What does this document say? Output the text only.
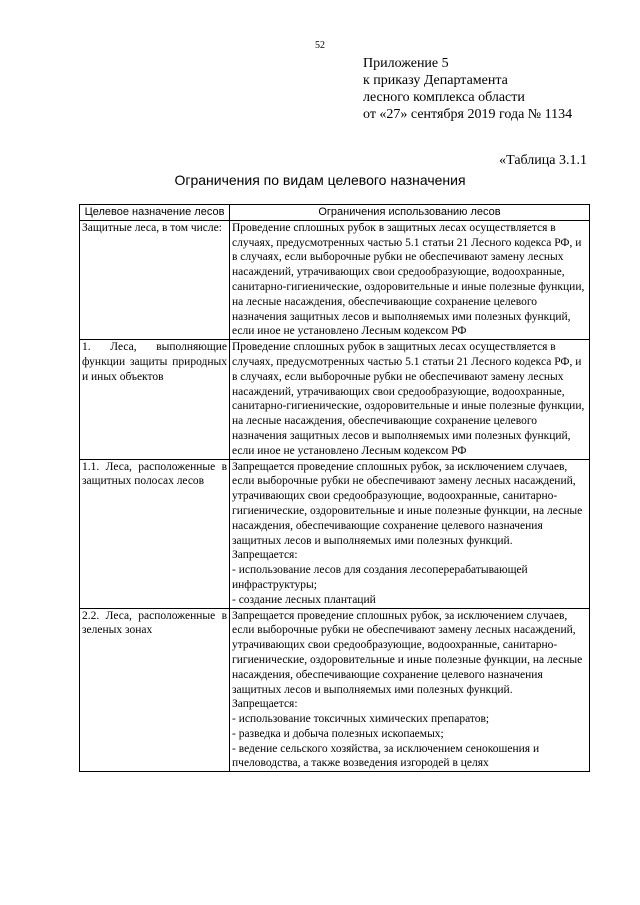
52
Приложение 5
к приказу Департамента
лесного комплекса области
от «27» сентября 2019 года № 1134
«Таблица 3.1.1
Ограничения по видам целевого назначения
Целевое назначение лесов	Ограничения использованию лесов
Защитные леса, в том числе:	Проведение сплошных рубок в защитных лесах осуществляется в случаях, предусмотренных частью 5.1 статьи 21 Лесного кодекса РФ, и в случаях, если выборочные рубки не обеспечивают замену лесных насаждений, утрачивающих свои средообразующие, водоохранные, санитарно-гигиенические, оздоровительные и иные полезные функции, на лесные насаждения, обеспечивающие сохранение целевого назначения защитных лесов и выполняемых ими полезных функций, если иное не установлено Лесным кодексом РФ

1. Леса, выполняющие функции защиты природных и иных объектов	Проведение сплошных рубок в защитных лесах осуществляется в случаях, предусмотренных частью 5.1 статьи 21 Лесного кодекса РФ, и в случаях, если выборочные рубки не обеспечивают замену лесных насаждений, утрачивающих свои средообразующие, водоохранные, санитарно-гигиенические, оздоровительные и иные полезные функции, на лесные насаждения, обеспечивающие сохранение целевого назначения защитных лесов и выполняемых ими полезных функций, если иное не установлено Лесным кодексом РФ

1.1. Леса, расположенные в защитных полосах лесов	Запрещается проведение сплошных рубок, за исключением случаев, если выборочные рубки не обеспечивают замену лесных насаждений, утрачивающих свои средообразующие, водоохранные, санитарно-гигиенические, оздоровительные и иные полезные функции, на лесные насаждения, обеспечивающие сохранение целевого назначения защитных лесов и выполняемых ими полезных функций.
Запрещается:
- использование лесов для создания лесоперерабатывающей инфраструктуры;
- создание лесных плантаций

2.2. Леса, расположенные в зеленых зонах	Запрещается проведение сплошных рубок, за исключением случаев, если выборочные рубки не обеспечивают замену лесных насаждений, утрачивающих свои средообразующие, водоохранные, санитарно-гигиенические, оздоровительные и иные полезные функции, на лесные насаждения, обеспечивающие сохранение целевого назначения защитных лесов и выполняемых ими полезных функций.
Запрещается:
- использование токсичных химических препаратов;
- разведка и добыча полезных ископаемых;
- ведение сельского хозяйства, за исключением сенокошения и пчеловодства, а также возведения изгородей в целях
